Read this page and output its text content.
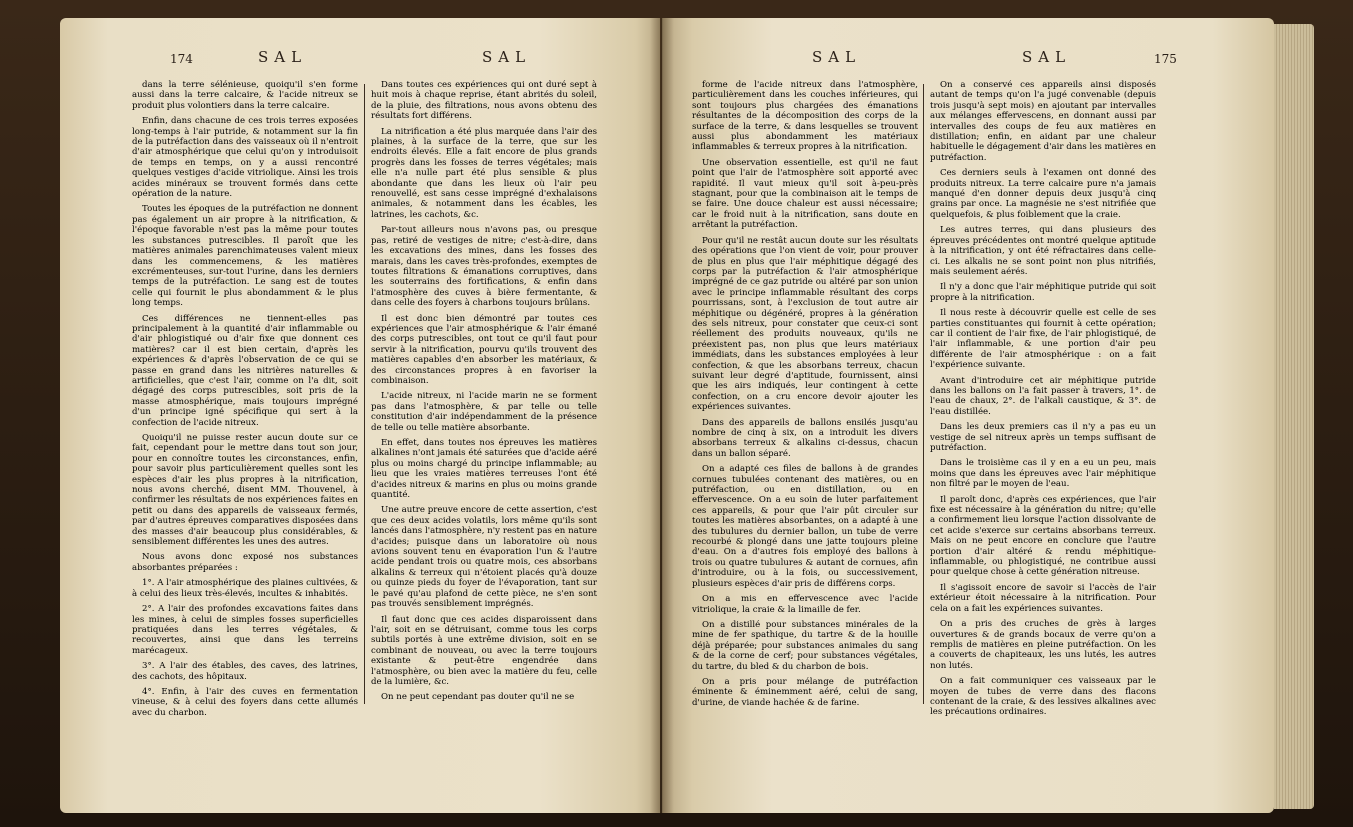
174	SAL	SAL	SAL	SAL	175

dans la terre sélénieuse, quoiqu'il s'en forme aussi dans la terre calcaire, & l'acide nitreux se produit plus volontiers dans la terre calcaire.

Enfin, dans chacune de ces trois terres exposées long-temps à l'air putride, & notamment sur la fin de la putréfaction dans des vaisseaux où il n'entroit d'air atmosphérique que celui qu'on y introduisoit de temps en temps, on y a aussi rencontré quelques vestiges d'acide vitriolique. Ainsi les trois acides minéraux se trouvent formés dans cette opération de la nature.

Toutes les époques de la putréfaction ne donnent pas également un air propre à la nitrification, & l'époque favorable n'est pas la même pour toutes les substances putrescibles. Il paroît que les matières animales parenchimateuses valent mieux dans les commencemens, & les matières excrémenteuses, sur-tout l'urine, dans les derniers temps de la putréfaction. Le sang est de toutes celle qui fournit le plus abondamment & le plus long temps.

Ces différences ne tiennent-elles pas principalement à la quantité d'air inflammable ou d'air phlogistiqué ou d'air fixe que donnent ces matières? car il est bien certain, d'après les expériences & d'après l'observation de ce qui se passe en grand dans les nitrières naturelles & artificielles, que c'est l'air, comme on l'a dit, soit dégagé des corps putrescibles, soit pris de la masse atmosphérique, mais toujours imprégné d'un principe igné spécifique qui sert à la confection de l'acide nitreux.

Quoiqu'il ne puisse rester aucun doute sur ce fait, cependant pour le mettre dans tout son jour, pour en connoître toutes les circonstances, enfin, pour savoir plus particulièrement quelles sont les espèces d'air les plus propres à la nitrification, nous avons cherché, disent MM. Thouvenel, à confirmer les résultats de nos expériences faites en petit ou dans des appareils de vaisseaux fermés, par d'autres épreuves comparatives disposées dans des masses d'air beaucoup plus considérables, & sensiblement différentes les unes des autres.

Nous avons donc exposé nos substances absorbantes préparées :

1°. A l'air atmosphérique des plaines cultivées, & à celui des lieux très-élevés, incultes & inhabités.

2°. A l'air des profondes excavations faites dans les mines, à celui de simples fosses superficielles pratiquées dans les terres végétales, & recouvertes, ainsi que dans les terreins marécageux.

3°. A l'air des étables, des caves, des latrines, des cachots, des hôpitaux.

4°. Enfin, à l'air des cuves en fermentation vineuse, & à celui des foyers dans cette allumés avec du charbon.

Dans toutes ces expériences qui ont duré sept à huit mois à chaque reprise, étant abrités du soleil, de la pluie, des filtrations, nous avons obtenu des résultats fort différens.

La nitrification a été plus marquée dans l'air des plaines, à la surface de la terre, que sur les endroits élevés. Elle a fait encore de plus grands progrès dans les fosses de terres végétales; mais elle n'a nulle part été plus sensible & plus abondante que dans les lieux où l'air peu renouvellé, est sans cesse imprégné d'exhalaisons animales, & notamment dans les écables, les latrines, les cachots, &c.

Par-tout ailleurs nous n'avons pas, ou presque pas, retiré de vestiges de nitre; c'est-à-dire, dans les excavations des mines, dans les fosses des marais, dans les caves très-profondes, exemptes de toutes filtrations & émanations corruptives, dans les souterrains des fortifications, & enfin dans l'atmosphère des cuves à bière fermentante, & dans celle des foyers à charbons toujours brûlans.

Il est donc bien démontré par toutes ces expériences que l'air atmosphérique & l'air émané des corps putrescibles, ont tout ce qu'il faut pour servir à la nitrification, pourvu qu'ils trouvent des matières capables d'en absorber les matériaux, & des circonstances propres à en favoriser la combinaison.

L'acide nitreux, ni l'acide marin ne se forment pas dans l'atmosphère, & par telle ou telle constitution d'air indépendamment de la présence de telle ou telle matière absorbante.

En effet, dans toutes nos épreuves les matières alkalines n'ont jamais été saturées que d'acide aéré plus ou moins chargé du principe inflammable; au lieu que les vraies matières terreuses l'ont été d'acides nitreux & marins en plus ou moins grande quantité.

Une autre preuve encore de cette assertion, c'est que ces deux acides volatils, lors même qu'ils sont lancés dans l'atmosphère, n'y restent pas en nature d'acides; puisque dans un laboratoire où nous avions souvent tenu en évaporation l'un & l'autre acide pendant trois ou quatre mois, ces absorbans alkalins & terreux qui n'étoient placés qu'à douze ou quinze pieds du foyer de l'évaporation, tant sur le pavé qu'au plafond de cette pièce, ne s'en sont pas trouvés sensiblement imprégnés.

Il faut donc que ces acides disparoissent dans l'air, soit en se détruisant, comme tous les corps subtils portés à une extrême division, soit en se combinant de nouveau, ou avec la terre toujours existante & peut-être engendrée dans l'atmosphère, ou bien avec la matière du feu, celle de la lumière, &c.

On ne peut cependant pas douter qu'il ne se

forme de l'acide nitreux dans l'atmosphère, particulièrement dans les couches inférieures, qui sont toujours plus chargées des émanations résultantes de la décomposition des corps de la surface de la terre, & dans lesquelles se trouvent aussi plus abondamment les matériaux inflammables & terreux propres à la nitrification.

Une observation essentielle, est qu'il ne faut point que l'air de l'atmosphère soit apporté avec rapidité. Il vaut mieux qu'il soit à-peu-près stagnant, pour que la combinaison ait le temps de se faire. Une douce chaleur est aussi nécessaire; car le froid nuit à la nitrification, sans doute en arrêtant la putréfaction.

Pour qu'il ne restât aucun doute sur les résultats des opérations que l'on vient de voir, pour prouver de plus en plus que l'air méphitique dégagé des corps par la putréfaction & l'air atmosphérique imprégné de ce gaz putride ou altéré par son union avec le principe inflammable résultant des corps pourrissans, sont, à l'exclusion de tout autre air méphitique ou dégénéré, propres à la génération des sels nitreux, pour constater que ceux-ci sont réellement des produits nouveaux, qu'ils ne préexistent pas, non plus que leurs matériaux immédiats, dans les substances employées à leur confection, & que les absorbans terreux, chacun suivant leur degré d'aptitude, fournissent, ainsi que les airs indiqués, leur contingent à cette confection, on a cru encore devoir ajouter les expériences suivantes.

Dans des appareils de ballons ensilés jusqu'au nombre de cinq à six, on a introduit les divers absorbans terreux & alkalins ci-dessus, chacun dans un ballon séparé.

On a adapté ces files de ballons à de grandes cornues tubulées contenant des matières, ou en putréfaction, ou en distillation, ou en effervescence. On a eu soin de luter parfaitement ces appareils, & pour que l'air pût circuler sur toutes les matières absorbantes, on a adapté à une des tubulures du dernier ballon, un tube de verre recourbé & plongé dans une jatte toujours pleine d'eau. On a d'autres fois employé des ballons à trois ou quatre tubulures & autant de cornues, afin d'introduire, ou à la fois, ou successivement, plusieurs espèces d'air pris de différens corps.

On a mis en effervescence avec l'acide vitriolique, la craie & la limaille de fer.

On a distillé pour substances minérales de la mine de fer spathique, du tartre & de la houille déjà préparée; pour substances animales du sang & de la corne de cerf; pour substances végétales, du tartre, du bled & du charbon de bois.

On a pris pour mélange de putréfaction éminente & éminemment aéré, celui de sang, d'urine, de viande hachée & de farine.

On a conservé ces appareils ainsi disposés autant de temps qu'on l'a jugé convenable (depuis trois jusqu'à sept mois) en ajoutant par intervalles aux mélanges effervescens, en donnant aussi par intervalles des coups de feu aux matières en distillation; enfin, en aidant par une chaleur habituelle le dégagement d'air dans les matières en putréfaction.

Ces derniers seuls à l'examen ont donné des produits nitreux. La terre calcaire pure n'a jamais manqué d'en donner depuis deux jusqu'à cinq grains par once. La magnésie ne s'est nitrifiée que quelquefois, & plus foiblement que la craie.

Les autres terres, qui dans plusieurs des épreuves précédentes ont montré quelque aptitude à la nitrification, y ont été réfractaires dans celle-ci. Les alkalis ne se sont point non plus nitrifiés, mais seulement aérés.

Il n'y a donc que l'air méphitique putride qui soit propre à la nitrification.

Il nous reste à découvrir quelle est celle de ses parties constituantes qui fournit à cette opération; car il contient de l'air fixe, de l'air phlogistiqué, de l'air inflammable, & une portion d'air peu différente de l'air atmosphérique : on a fait l'expérience suivante.

Avant d'introduire cet air méphitique putride dans les ballons on l'a fait passer à travers, 1°. de l'eau de chaux, 2°. de l'alkali caustique, & 3°. de l'eau distillée.

Dans les deux premiers cas il n'y a pas eu un vestige de sel nitreux après un temps suffisant de putréfaction.

Dans le troisième cas il y en a eu un peu, mais moins que dans les épreuves avec l'air méphitique non filtré par le moyen de l'eau.

Il paroît donc, d'après ces expériences, que l'air fixe est nécessaire à la génération du nitre; qu'elle a confirmement lieu lorsque l'action dissolvante de cet acide s'exerce sur certains absorbans terreux. Mais on ne peut encore en conclure que l'autre portion d'air altéré & rendu méphitique-inflammable, ou phlogistiqué, ne contribue aussi pour quelque chose à cette génération nitreuse.

Il s'agissoit encore de savoir si l'accès de l'air extérieur étoit nécessaire à la nitrification. Pour cela on a fait les expériences suivantes.

On a pris des cruches de grès à larges ouvertures & de grands bocaux de verre qu'on a remplis de matières en pleine putréfaction. On les a couverts de chapiteaux, les uns lutés, les autres non lutés.

On a fait communiquer ces vaisseaux par le moyen de tubes de verre dans des flacons contenant de la craie, & des lessives alkalines avec les précautions ordinaires.
